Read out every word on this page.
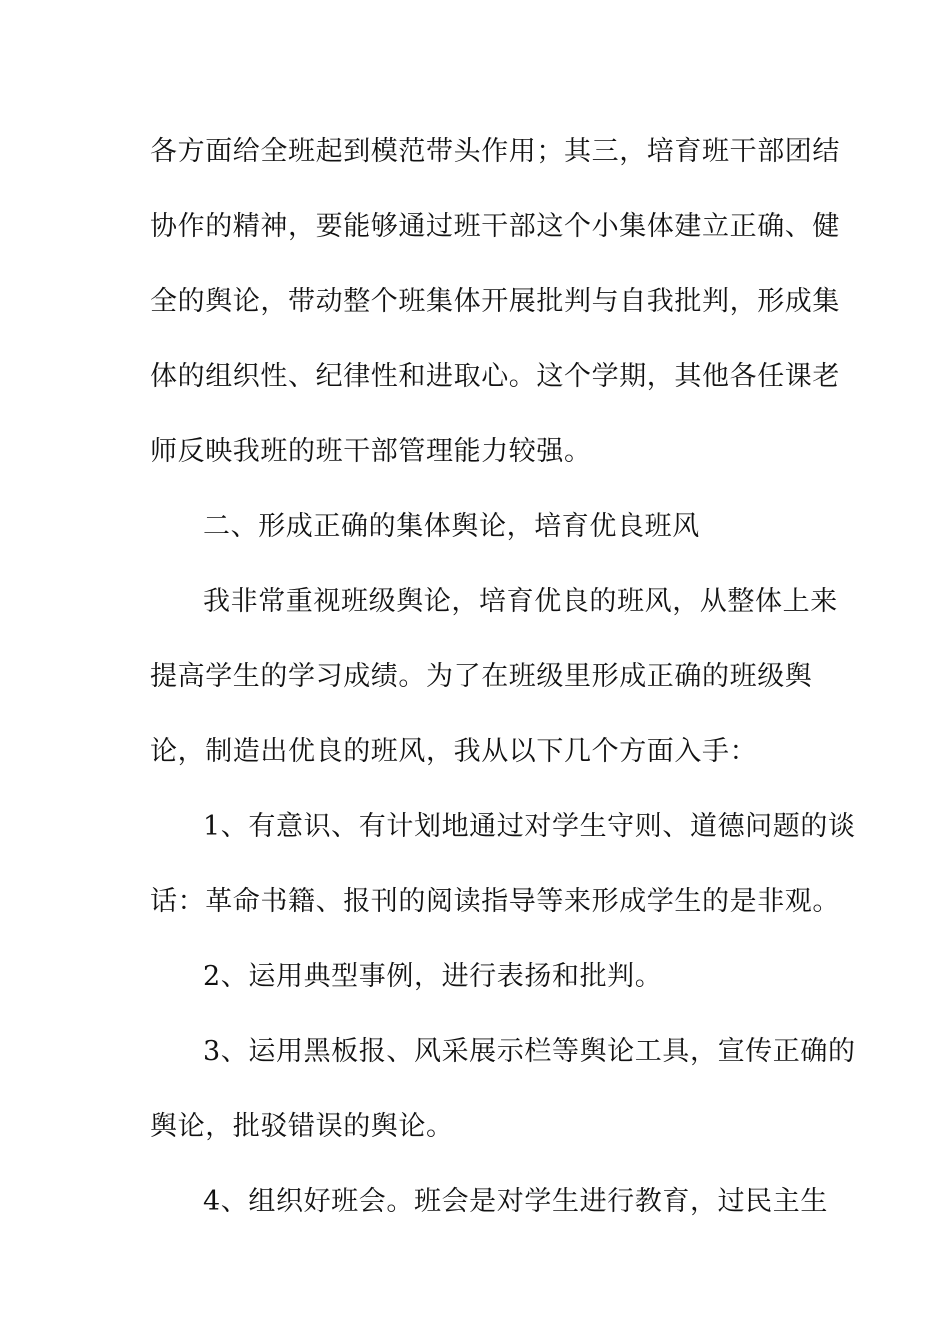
各方面给全班起到模范带头作用；其三，培育班干部团结
协作的精神，要能够通过班干部这个小集体建立正确、健
全的舆论，带动整个班集体开展批判与自我批判，形成集
体的组织性、纪律性和进取心。这个学期，其他各任课老
师反映我班的班干部管理能力较强。
二、形成正确的集体舆论，培育优良班风
我非常重视班级舆论，培育优良的班风，从整体上来
提高学生的学习成绩。为了在班级里形成正确的班级舆
论，制造出优良的班风，我从以下几个方面入手：
1、有意识、有计划地通过对学生守则、道德问题的谈
话：革命书籍、报刊的阅读指导等来形成学生的是非观。
2、运用典型事例，进行表扬和批判。
3、运用黑板报、风采展示栏等舆论工具，宣传正确的
舆论，批驳错误的舆论。
4、组织好班会。班会是对学生进行教育，过民主生
